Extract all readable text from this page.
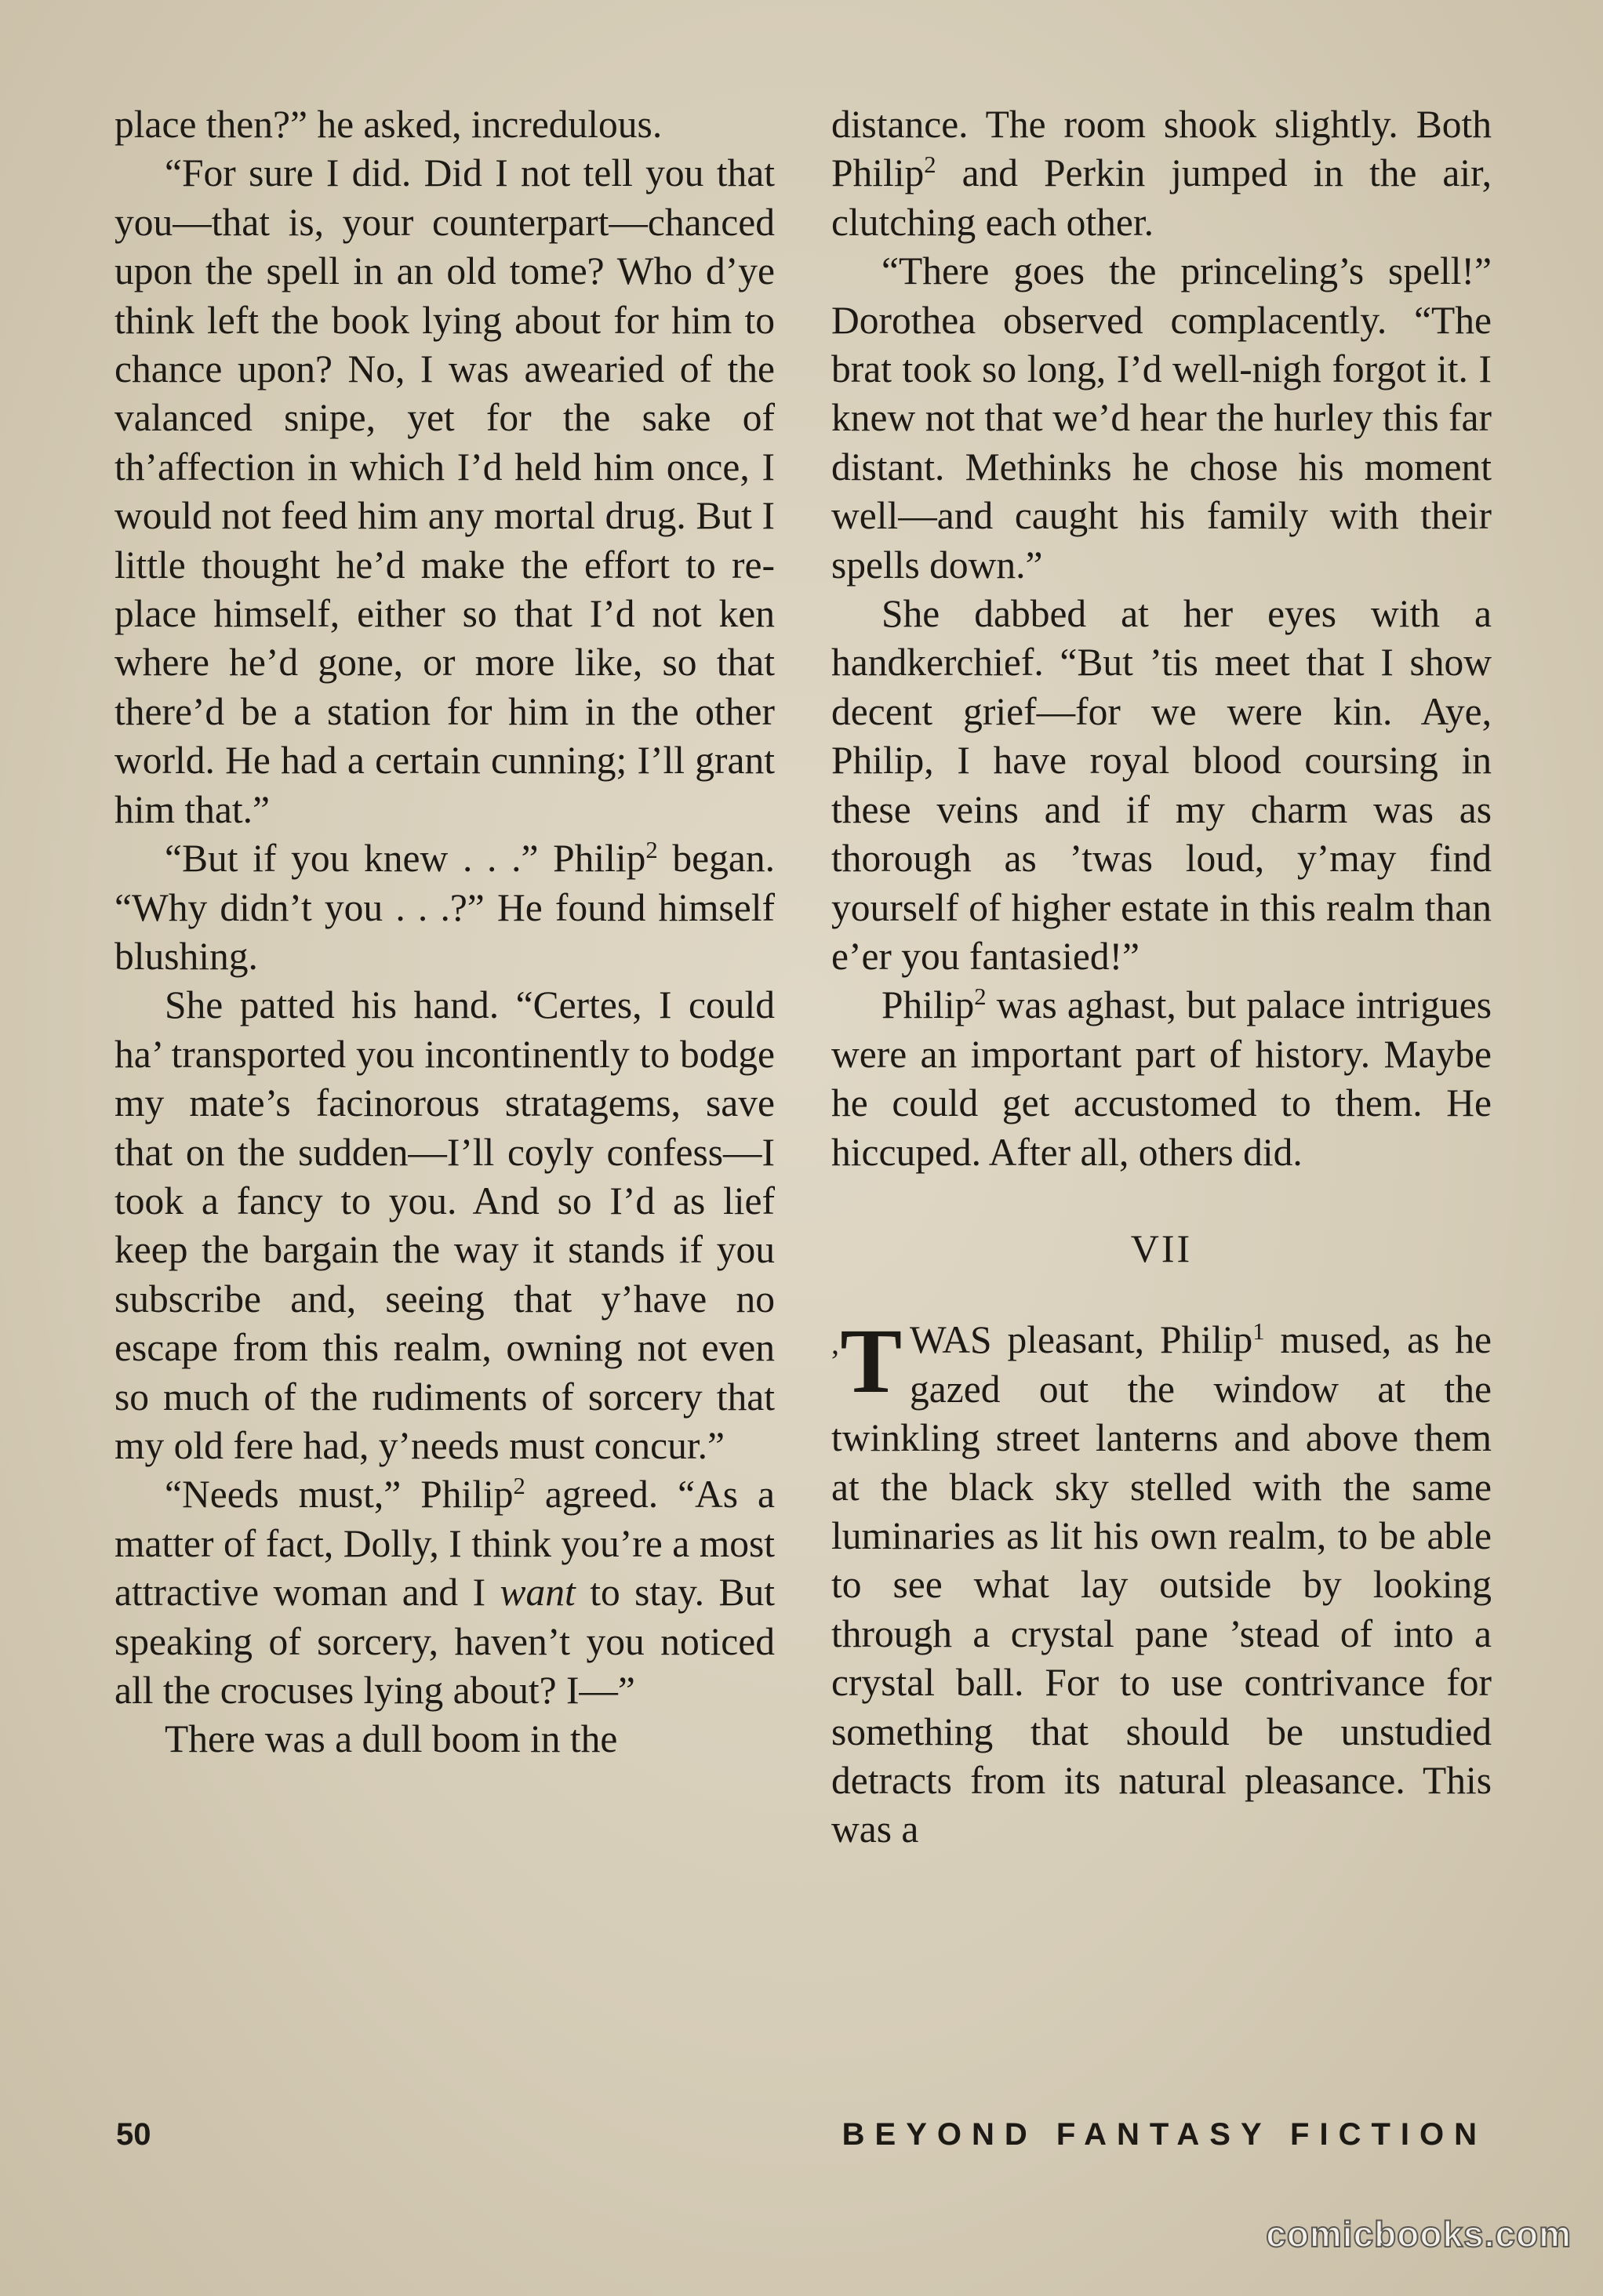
place then?” he asked, incredulous.

“For sure I did. Did I not tell you that you—that is, your counterpart—chanced upon the spell in an old tome? Who d’ye think left the book lying about for him to chance upon? No, I was awearied of the valanced snipe, yet for the sake of th’affection in which I’d held him once, I would not feed him any mortal drug. But I little thought he’d make the effort to replace himself, either so that I’d not ken where he’d gone, or more like, so that there’d be a station for him in the other world. He had a certain cunning; I’ll grant him that.”

“But if you knew . . .” Philip$^2$ began. “Why didn’t you . . .?” He found himself blushing.

She patted his hand. “Certes, I could ha’ transported you incontinently to bodge my mate’s facinorous stratagems, save that on the sudden—I’ll coyly confess—I took a fancy to you. And so I’d as lief keep the bargain the way it stands if you subscribe and, seeing that y’have no escape from this realm, owning not even so much of the rudiments of sorcery that my old fere had, y’needs must concur.”

“Needs must,” Philip$^2$ agreed. “As a matter of fact, Dolly, I think you’re a most attractive woman and I want to stay. But speaking of sorcery, haven’t you noticed all the crocuses lying about? I—”

There was a dull boom in the

distance. The room shook slightly. Both Philip$^2$ and Perkin jumped in the air, clutching each other.

“There goes the princeling’s spell!” Dorothea observed complacently. “The brat took so long, I’d well-nigh forgot it. I knew not that we’d hear the hurley this far distant. Methinks he chose his moment well—and caught his family with their spells down.”

She dabbed at her eyes with a handkerchief. “But ’tis meet that I show decent grief—for we were kin. Aye, Philip, I have royal blood coursing in these veins and if my charm was as thorough as ’twas loud, y’may find yourself of higher estate in this realm than e’er you fantasied!”

Philip$^2$ was aghast, but palace intrigues were an important part of history. Maybe he could get accustomed to them. He hiccuped. After all, others did.

VII

’T WAS pleasant, Philip$^1$ mused, as he gazed out the window at the twinkling street lanterns and above them at the black sky stelled with the same luminaries as lit his own realm, to be able to see what lay outside by looking through a crystal pane ’stead of into a crystal ball. For to use contrivance for something that should be unstudied detracts from its natural pleasance. This was a

50	BEYOND FANTASY FICTION
comicbooks.com
